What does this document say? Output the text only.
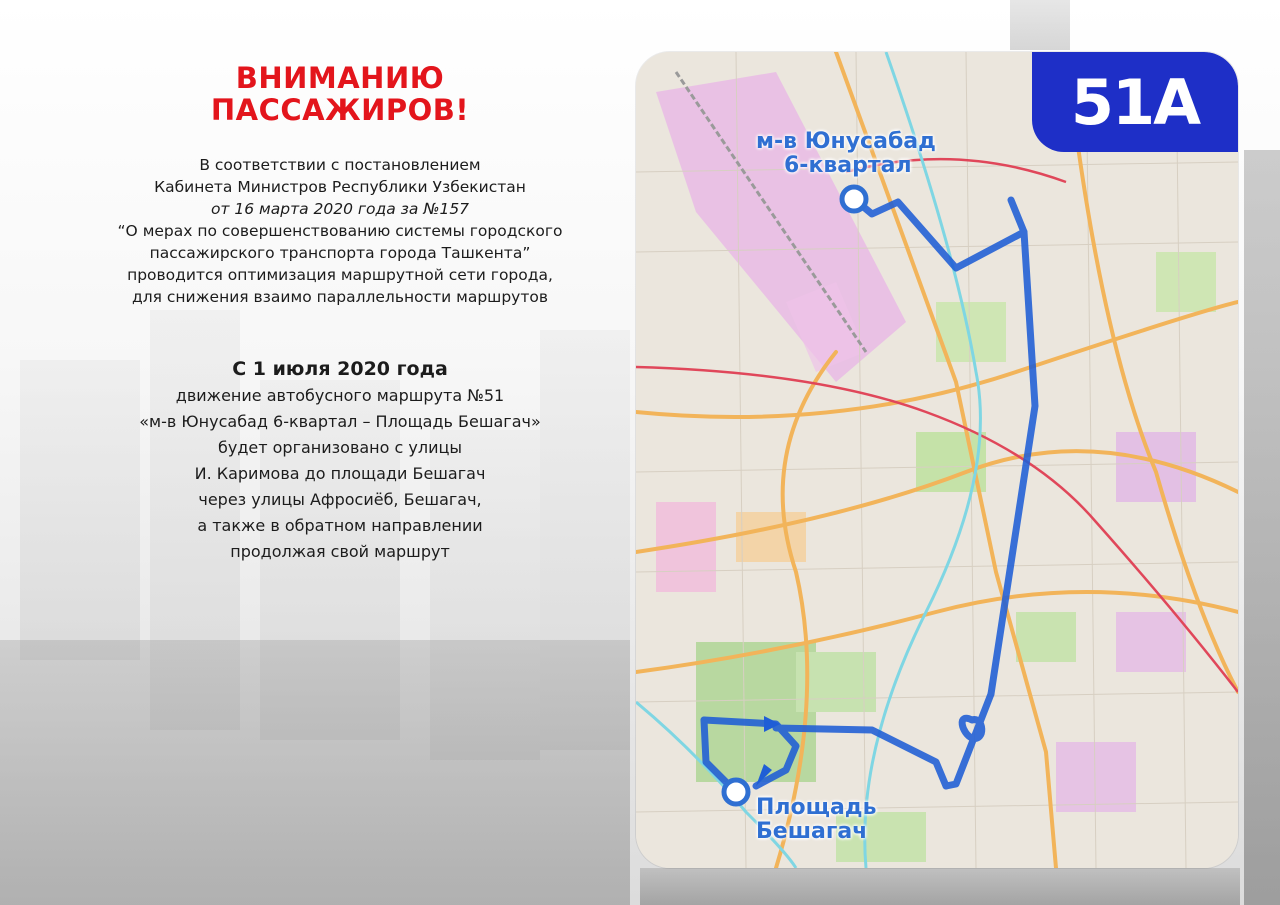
ВНИМАНИЮ
ПАССАЖИРОВ!
В соответствии с постановлением
Кабинета Министров Республики Узбекистан
от 16 марта 2020 года за №157
“О мерах по совершенствованию системы городского
пассажирского транспорта города Ташкента”
проводится оптимизация маршрутной сети города,
для снижения взаимо параллельности маршрутов
С 1 июля 2020 года
движение автобусного маршрута №51
«м-в Юнусабад 6-квартал – Площадь Бешагач»
будет организовано с улицы
И. Каримова до площади Бешагач
через улицы Афросиёб, Бешагач,
а также в обратном направлении
продолжая свой маршрут
51А
м-в Юнусабад
6-квартал
Площадь
Бешагач
